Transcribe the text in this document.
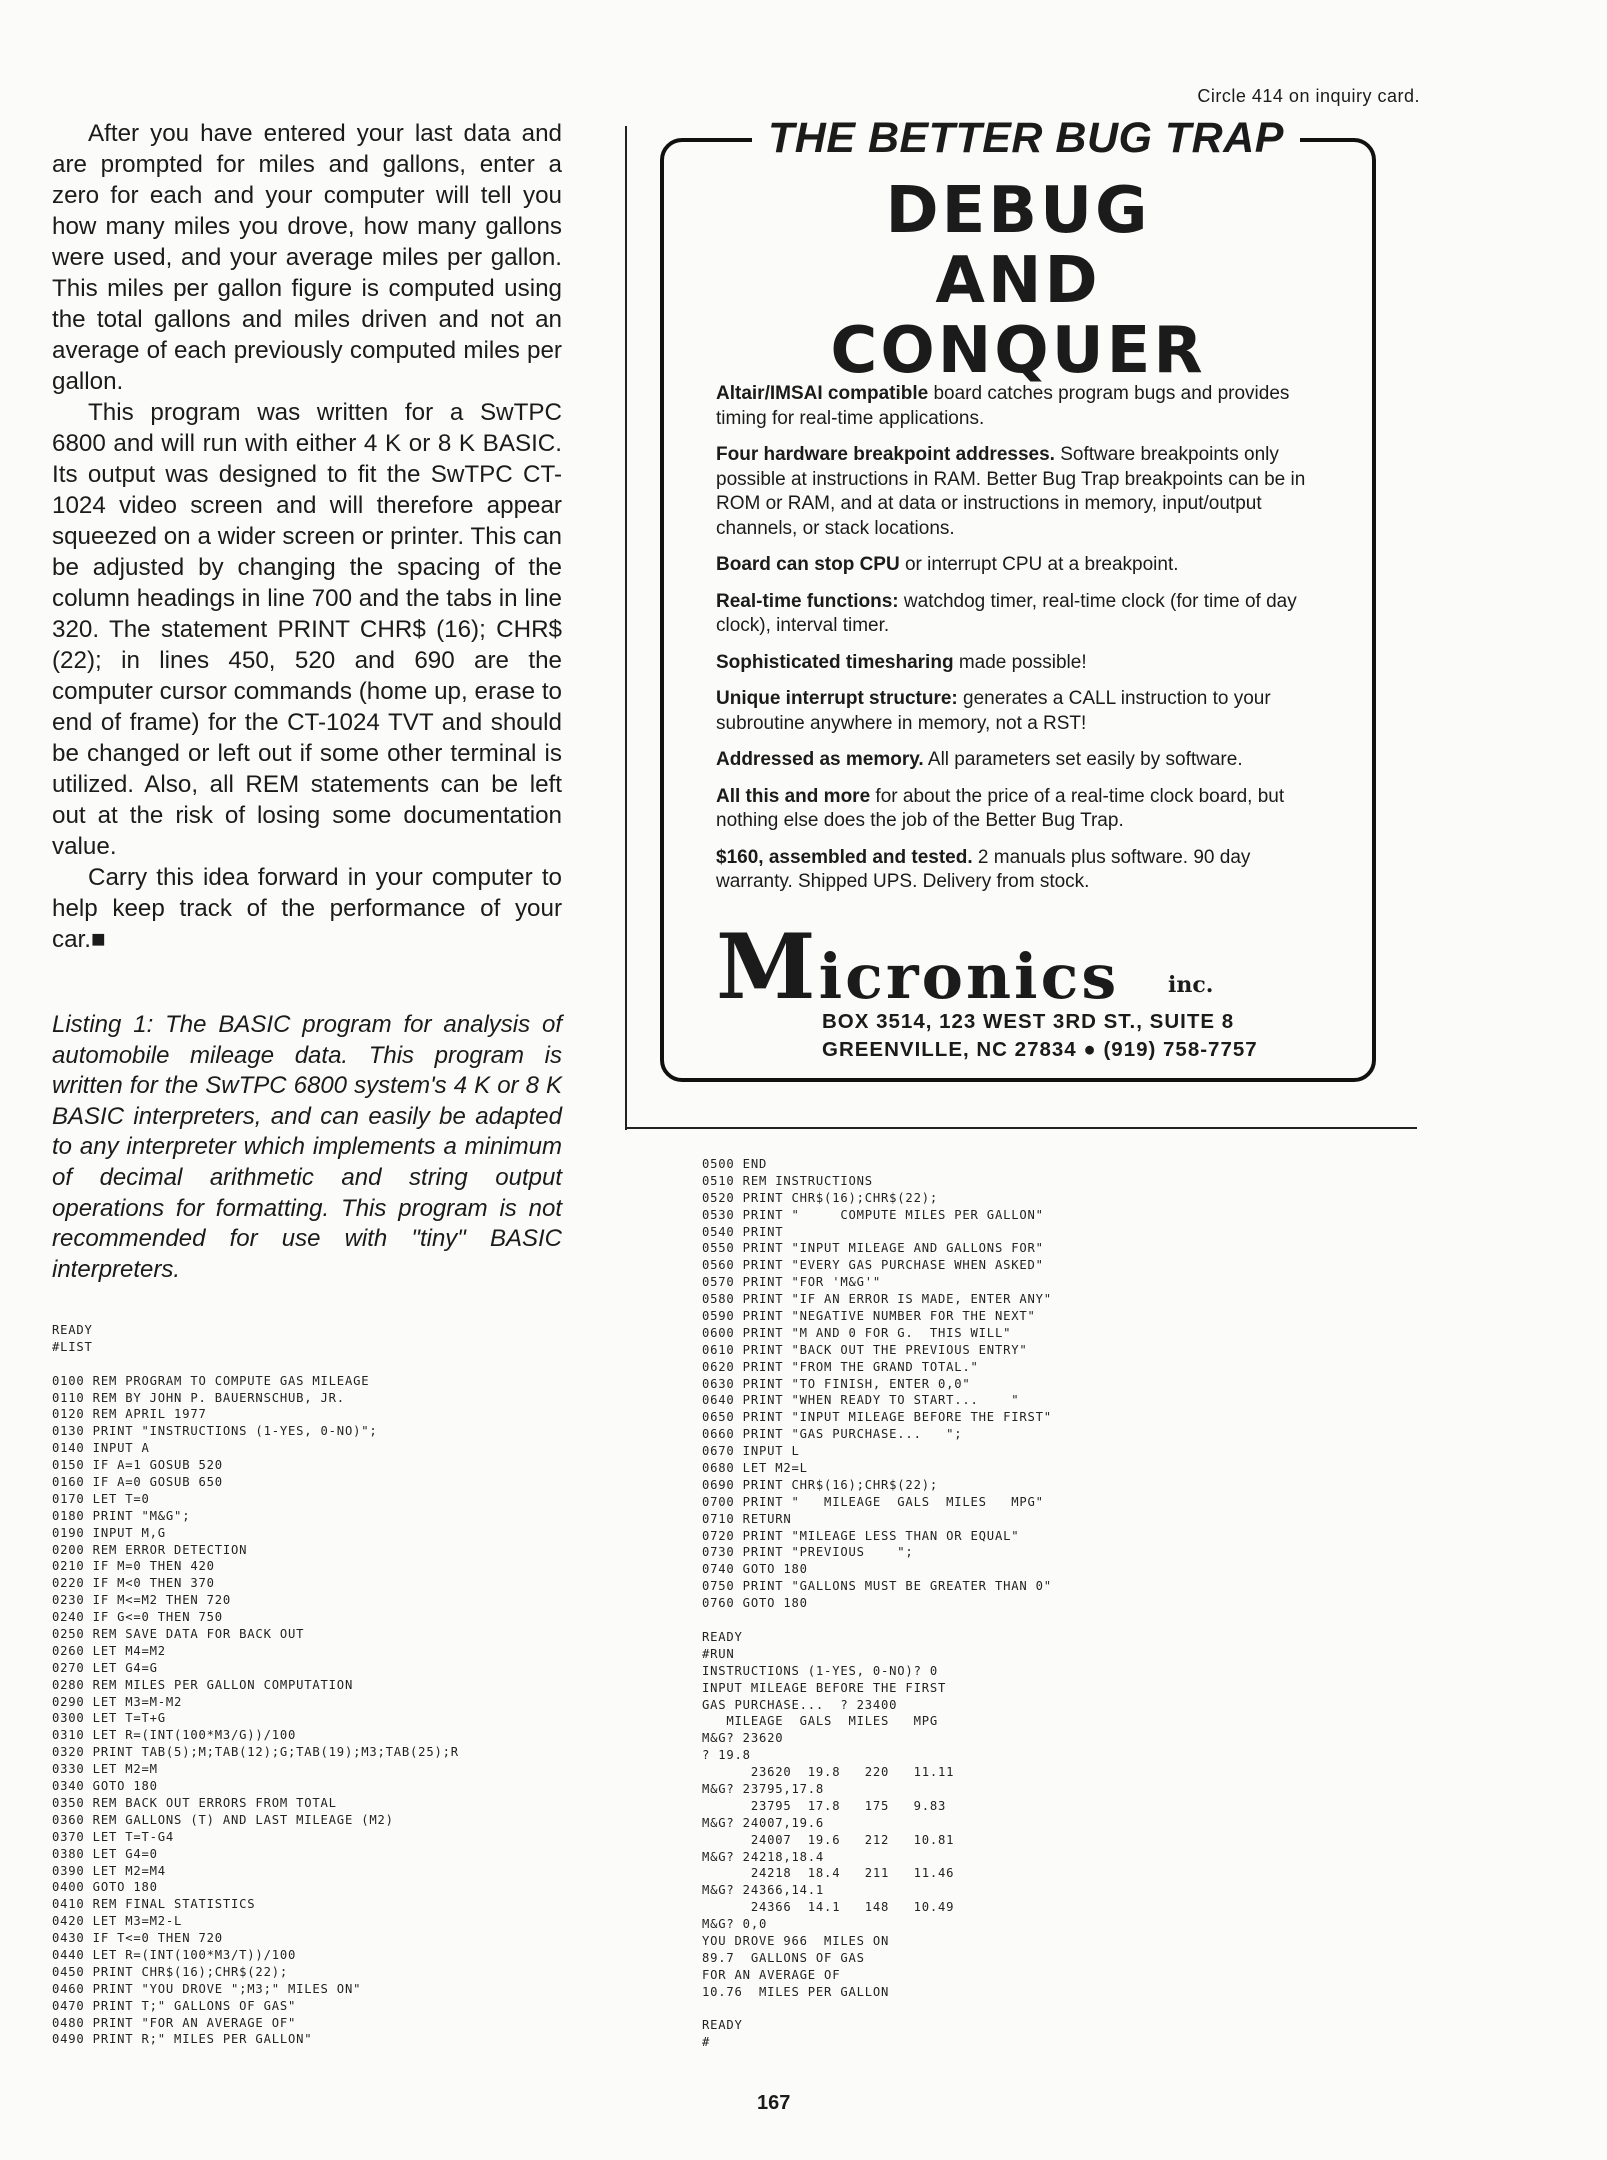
After you have entered your last data and are prompted for miles and gallons, enter a zero for each and your computer will tell you how many miles you drove, how many gallons were used, and your average miles per gallon. This miles per gallon figure is computed using the total gallons and miles driven and not an average of each previously computed miles per gallon.

This program was written for a SwTPC 6800 and will run with either 4 K or 8 K BASIC. Its output was designed to fit the SwTPC CT-1024 video screen and will therefore appear squeezed on a wider screen or printer. This can be adjusted by changing the spacing of the column headings in line 700 and the tabs in line 320. The statement PRINT CHR$ (16); CHR$ (22); in lines 450, 520 and 690 are the computer cursor commands (home up, erase to end of frame) for the CT-1024 TVT and should be changed or left out if some other terminal is utilized. Also, all REM statements can be left out at the risk of losing some documentation value.

Carry this idea forward in your computer to help keep track of the performance of your car.■

Listing 1: The BASIC program for analysis of automobile mileage data. This program is written for the SwTPC 6800 system's 4 K or 8 K BASIC interpreters, and can easily be adapted to any interpreter which implements a minimum of decimal arithmetic and string output operations for formatting. This program is not recommended for use with "tiny" BASIC interpreters.
Circle 414 on inquiry card.
THE BETTER BUG TRAP
DEBUG
AND
CONQUER

Altair/IMSAI compatible board catches program bugs and provides timing for real-time applications.

Four hardware breakpoint addresses. Software breakpoints only possible at instructions in RAM. Better Bug Trap breakpoints can be in ROM or RAM, and at data or instructions in memory, input/output channels, or stack locations.

Board can stop CPU or interrupt CPU at a breakpoint.

Real-time functions: watchdog timer, real-time clock (for time of day clock), interval timer.

Sophisticated timesharing made possible!

Unique interrupt structure: generates a CALL instruction to your subroutine anywhere in memory, not a RST!

Addressed as memory. All parameters set easily by software.

All this and more for about the price of a real-time clock board, but nothing else does the job of the Better Bug Trap.

$160, assembled and tested. 2 manuals plus software. 90 day warranty. Shipped UPS. Delivery from stock.

Micronics inc.
BOX 3514, 123 WEST 3RD ST., SUITE 8
GREENVILLE, NC 27834 ● (919) 758-7757
READY
#LIST
0100 REM PROGRAM TO COMPUTE GAS MILEAGE
0110 REM BY JOHN P. BAUERNSCHUB, JR.
0120 REM APRIL 1977
0130 PRINT "INSTRUCTIONS (1-YES, 0-NO)";
0140 INPUT A
0150 IF A=1 GOSUB 520
0160 IF A=0 GOSUB 650
0170 LET T=0
0180 PRINT "M&G";
0190 INPUT M,G
0200 REM ERROR DETECTION
0210 IF M=0 THEN 420
0220 IF M<0 THEN 370
0230 IF M<=M2 THEN 720
0240 IF G<=0 THEN 750
0250 REM SAVE DATA FOR BACK OUT
0260 LET M4=M2
0270 LET G4=G
0280 REM MILES PER GALLON COMPUTATION
0290 LET M3=M-M2
0300 LET T=T+G
0310 LET R=(INT(100*M3/G))/100
0320 PRINT TAB(5);M;TAB(12);G;TAB(19);M3;TAB(25);R
0330 LET M2=M
0340 GOTO 180
0350 REM BACK OUT ERRORS FROM TOTAL
0360 REM GALLONS (T) AND LAST MILEAGE (M2)
0370 LET T=T-G4
0380 LET G4=0
0390 LET M2=M4
0400 GOTO 180
0410 REM FINAL STATISTICS
0420 LET M3=M2-L
0430 IF T<=0 THEN 720
0440 LET R=(INT(100*M3/T))/100
0450 PRINT CHR$(16);CHR$(22);
0460 PRINT "YOU DROVE ";M3;" MILES ON"
0470 PRINT T;" GALLONS OF GAS"
0480 PRINT "FOR AN AVERAGE OF"
0490 PRINT R;" MILES PER GALLON"
0500 END
0510 REM INSTRUCTIONS
0520 PRINT CHR$(16);CHR$(22);
0530 PRINT "     COMPUTE MILES PER GALLON"
0540 PRINT
0550 PRINT "INPUT MILEAGE AND GALLONS FOR"
0560 PRINT "EVERY GAS PURCHASE WHEN ASKED"
0570 PRINT "FOR 'M&G'"
0580 PRINT "IF AN ERROR IS MADE, ENTER ANY"
0590 PRINT "NEGATIVE NUMBER FOR THE NEXT"
0600 PRINT "M AND 0 FOR G.  THIS WILL"
0610 PRINT "BACK OUT THE PREVIOUS ENTRY"
0620 PRINT "FROM THE GRAND TOTAL."
0630 PRINT "TO FINISH, ENTER 0,0"
0640 PRINT "WHEN READY TO START...    "
0650 PRINT "INPUT MILEAGE BEFORE THE FIRST"
0660 PRINT "GAS PURCHASE...   ";
0670 INPUT L
0680 LET M2=L
0690 PRINT CHR$(16);CHR$(22);
0700 PRINT "   MILEAGE  GALS  MILES   MPG"
0710 RETURN
0720 PRINT "MILEAGE LESS THAN OR EQUAL"
0730 PRINT "PREVIOUS    ";
0740 GOTO 180
0750 PRINT "GALLONS MUST BE GREATER THAN 0"
0760 GOTO 180
READY
#RUN
INSTRUCTIONS (1-YES, 0-NO)? 0
INPUT MILEAGE BEFORE THE FIRST
GAS PURCHASE...  ? 23400
MILEAGE  GALS  MILES   MPG
M&G? 23620
? 19.8
23620  19.8   220   11.11
M&G? 23795,17.8
23795  17.8   175   9.83
M&G? 24007,19.6
24007  19.6   212   10.81
M&G? 24218,18.4
24218  18.4   211   11.46
M&G? 24366,14.1
24366  14.1   148   10.49
M&G? 0,0
YOU DROVE 966  MILES ON
89.7  GALLONS OF GAS
FOR AN AVERAGE OF
10.76  MILES PER GALLON
READY
#
167
